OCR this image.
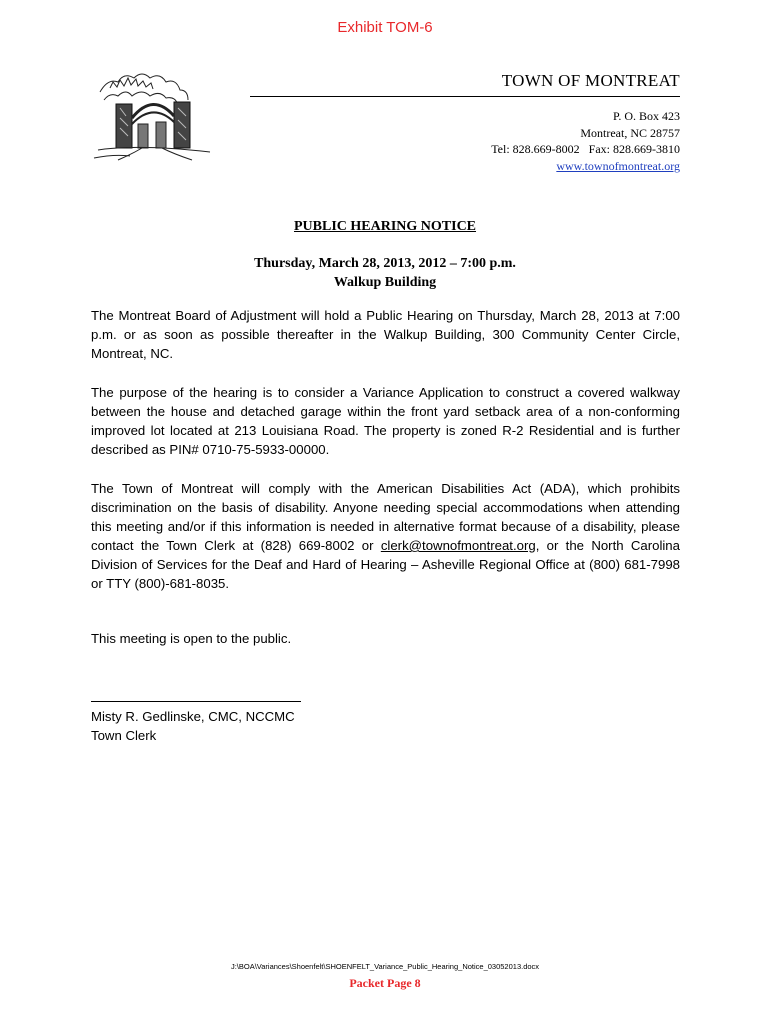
Exhibit TOM-6
TOWN OF MONTREAT
P. O. Box 423
Montreat, NC 28757
Tel: 828.669-8002   Fax: 828.669-3810
www.townofmontreat.org
PUBLIC HEARING NOTICE
Thursday, March 28, 2013, 2012 – 7:00 p.m.
Walkup Building
The Montreat Board of Adjustment will hold a Public Hearing on Thursday, March 28, 2013 at 7:00 p.m. or as soon as possible thereafter in the Walkup Building, 300 Community Center Circle, Montreat, NC.
The purpose of the hearing is to consider a Variance Application to construct a covered walkway between the house and detached garage within the front yard setback area of a non-conforming improved lot located at 213 Louisiana Road. The property is zoned R-2 Residential and is further described as PIN# 0710-75-5933-00000.
The Town of Montreat will comply with the American Disabilities Act (ADA), which prohibits discrimination on the basis of disability. Anyone needing special accommodations when attending this meeting and/or if this information is needed in alternative format because of a disability, please contact the Town Clerk at (828) 669-8002 or clerk@townofmontreat.org, or the North Carolina Division of Services for the Deaf and Hard of Hearing – Asheville Regional Office at (800) 681-7998 or TTY (800)-681-8035.
This meeting is open to the public.
Misty R. Gedlinske, CMC, NCCMC
Town Clerk
J:\BOA\Variances\Shoenfelt\SHOENFELT_Variance_Public_Hearing_Notice_03052013.docx
Packet Page 8
